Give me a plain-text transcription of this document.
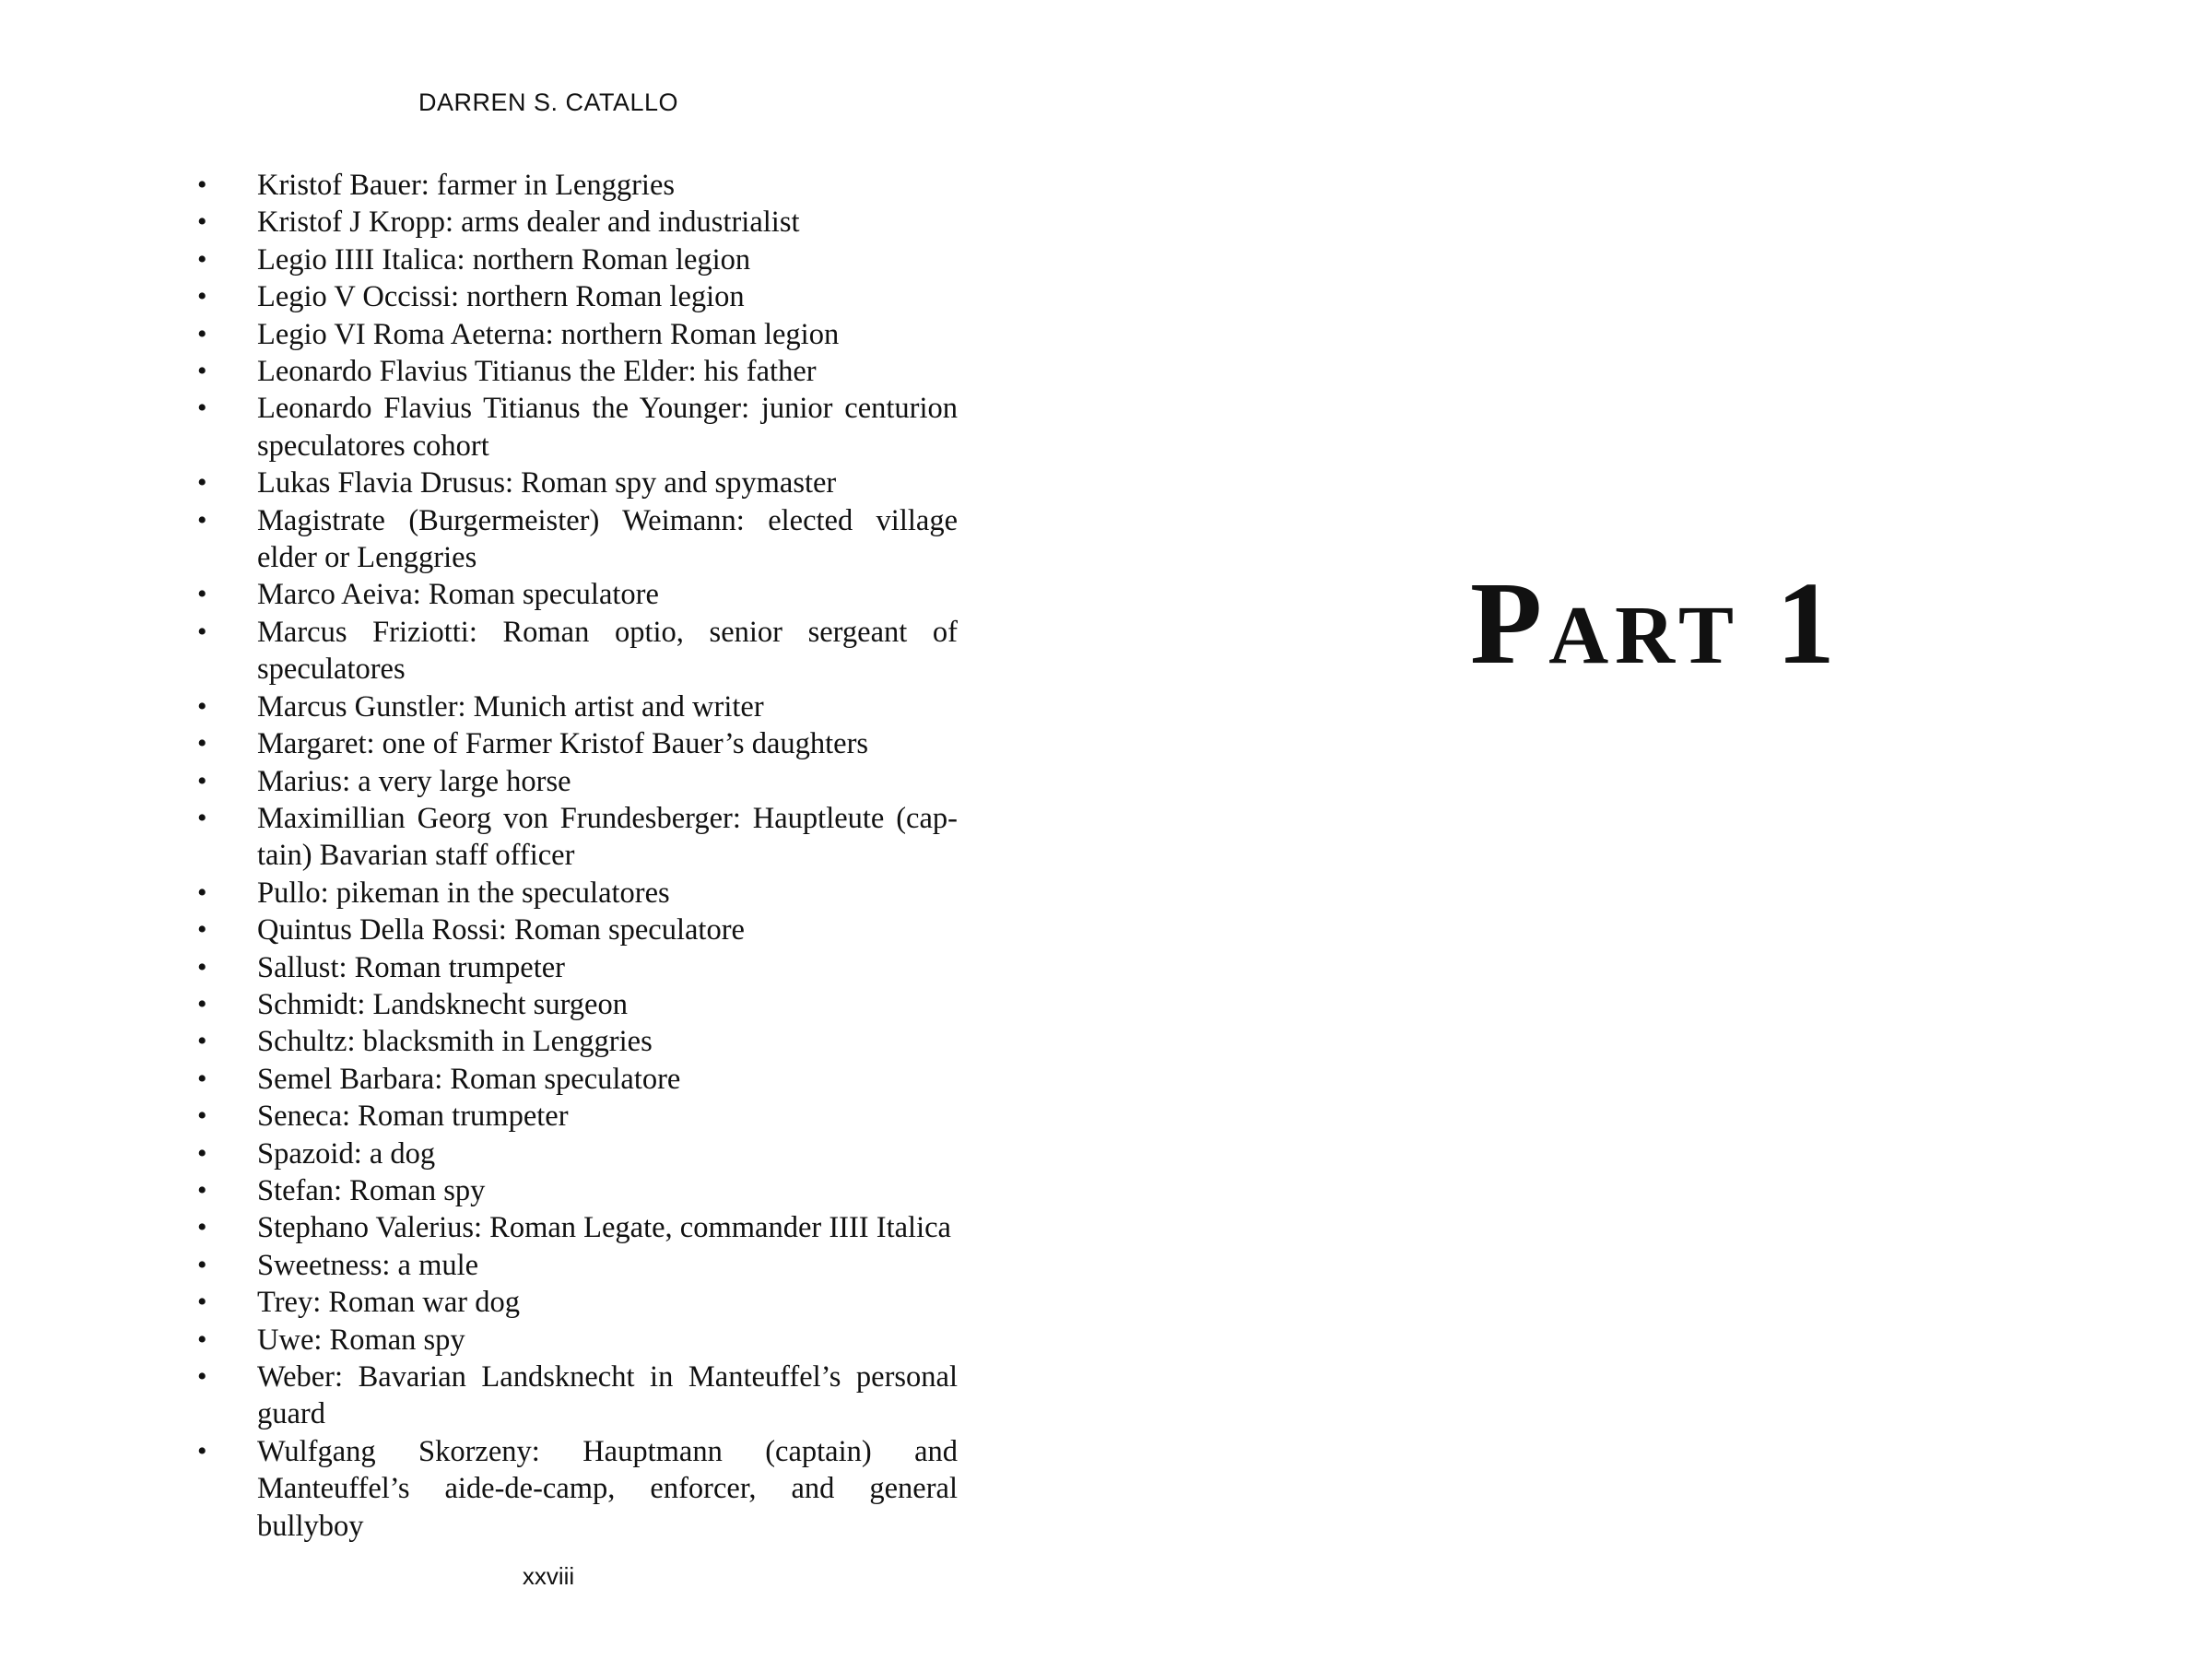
DARREN S. CATALLO
• Kristof Bauer: farmer in Lenggries
• Kristof J Kropp: arms dealer and industrialist
• Legio IIII Italica: northern Roman legion
• Legio V Occissi: northern Roman legion
• Legio VI Roma Aeterna: northern Roman legion
• Leonardo Flavius Titianus the Elder: his father
• Leonardo Flavius Titianus the Younger: junior centurion speculatores cohort
• Lukas Flavia Drusus: Roman spy and spymaster
• Magistrate (Burgermeister) Weimann: elected village elder or Lenggries
• Marco Aeiva: Roman speculatore
• Marcus Friziotti: Roman optio, senior sergeant of speculatores
• Marcus Gunstler: Munich artist and writer
• Margaret: one of Farmer Kristof Bauer’s daughters
• Marius: a very large horse
• Maximillian Georg von Frundesberger: Hauptleute (captain) Bavarian staff officer
• Pullo: pikeman in the speculatores
• Quintus Della Rossi: Roman speculatore
• Sallust: Roman trumpeter
• Schmidt: Landsknecht surgeon
• Schultz: blacksmith in Lenggries
• Semel Barbara: Roman speculatore
• Seneca: Roman trumpeter
• Spazoid: a dog
• Stefan: Roman spy
• Stephano Valerius: Roman Legate, commander IIII Italica
• Sweetness: a mule
• Trey: Roman war dog
• Uwe: Roman spy
• Weber: Bavarian Landsknecht in Manteuffel’s personal guard
• Wulfgang Skorzeny: Hauptmann (captain) and Manteuffel’s aide-de-camp, enforcer, and general bullyboy
xxviii
Part 1
